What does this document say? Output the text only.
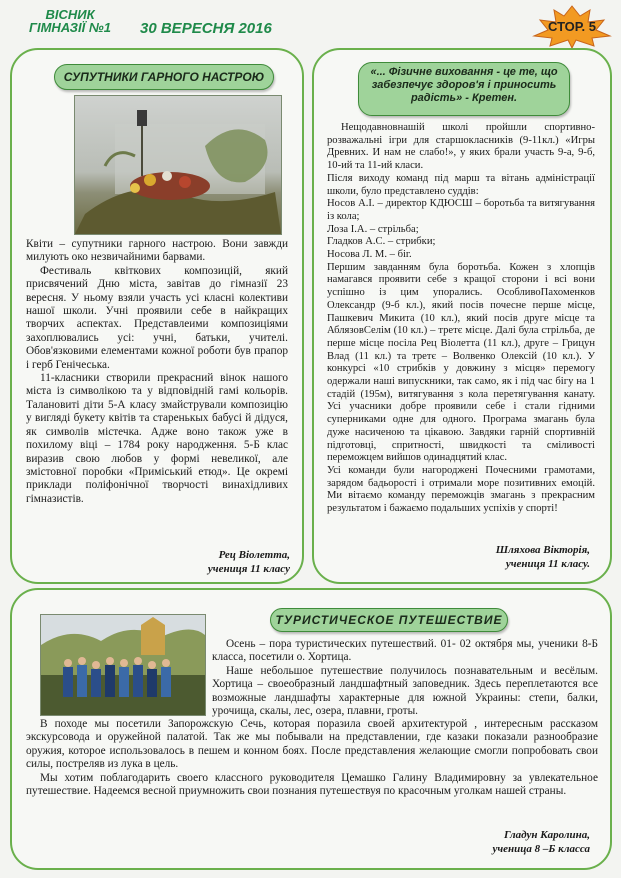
ВІСНИК
ГІМНАЗІЇ №1	30 ВЕРЕСНЯ 2016	СТОР. 5
СУПУТНИКИ ГАРНОГО НАСТРОЮ

Квіти – супутники гарного настрою. Вони завжди милують око незвичайними барвами.

Фестиваль квіткових композицій, який присвячений Дню міста, завітав до гімназії 23 вересня. У ньому взяли участь усі класні колективи нашої школи. Учні проявили себе в найкращих творчих аспектах. Представлеими композиціями захоплювались усі: учні, батьки, учителі. Обов'язковими елементами кожної роботи був прапор і герб Генічеська.

11-класники створили прекрасний вінок нашого міста із символікою та у відповідній гамі кольорів. Талановиті діти 5-А класу змайстрували композицію у вигляді букету квітів та старенькых бабусі й дідуся, як символів містечка. Адже воно також уже в похилому віці – 1784 року народження. 5-Б клас виразив свою любов у формі невеликої, але змістовної поробки «Приміський етюд». Це окремі приклади поліфонічної творчості винахідливих гімназистів.

Рец Віолетта,
учениця 11 класу
«... Фізичне виховання - це те, що забезпечує здоров'я і приносить радість» - Кретен.

Нещодавновнашій школі пройшли спортивно-розважальні ігри для старшокласників (9-11кл.) «Игры Древних. И нам не слабо!», у яких брали участь 9-а, 9-б, 10-ий та 11-ий класи.

Після виходу команд під марш та вітань адміністрації школи, було представлено суддів:

Носов А.І. – директор КДЮСШ – боротьба та витягування із кола;

Лоза І.А. – стрільба;

Гладков А.С. – стрибки;

Носова Л. М. – біг.

Першим завданням була боротьба. Кожен з хлопців намагався проявити себе з кращої сторони і всі вони успішно із цим упорались. ОсобливоПахоменков Олександр (9-б кл.), який посів почесне перше місце, Пашкевич Микита (10 кл.), який посів друге місце та АблязовСелім (10 кл.) – третє місце. Далі була стрільба, де перше місце посіла Рец Віолетта (11 кл.), друге – Грицун Влад (11 кл.) та третє – Волвенко Олексій (10 кл.). У конкурсі «10 стрибків у довжину з місця» перемогу одержали наші випускники, так само, як і під час бігу на 1 стадій (195м), витягування з кола перетягування канату. Усі учасники добре проявили себе і стали гідними суперниками одне для одного. Програма змагань була дуже насиченою та цікавою. Завдяки гарній спортивній підготовці, спритності, швидкості та сміливості переможцем вийшов одинадцятий клас.

Усі команди були нагороджені Почесними грамотами, зарядом бадьорості і отримали море позитивних емоцій. Ми вітаємо команду переможців змагань з прекрасним результатом і бажаємо подальших успіхів у спорті!

Шляхова Вікторія,
учениця 11 класу.
ТУРИСТИЧЕСКОЕ ПУТЕШЕСТВИЕ

Осень – пора туристических путешествий. 01- 02 октября мы, ученики 8-Б класса, посетили о. Хортица.

Наше небольшое путешествие получилось познавательным и весёлым. Хортица – своеобразный ландшафтный заповедник. Здесь переплетаются все возможные ландшафты характерные для южной Украины: степи, балки, урочища, скалы, лес, озера, плавни, гроты.

В походе мы посетили Запорожскую Сечь, которая поразила своей архитектурой , интересным рассказом экскурсовода и оружейной палатой. Так же мы побывали на представлении, где казаки показали разнообразие оружия, которое использовалось в пешем и конном боях. После представления желающие смогли попробовать свои силы, постреляв из лука в цель.

Мы хотим поблагодарить своего классного руководителя Цемашко Галину Владимировну за увлекательное путешествие. Надеемся весной приумножить свои познания путешествуя по красочным уголкам нашей страны.

Гладун Каролина,
ученица 8 –Б класса
